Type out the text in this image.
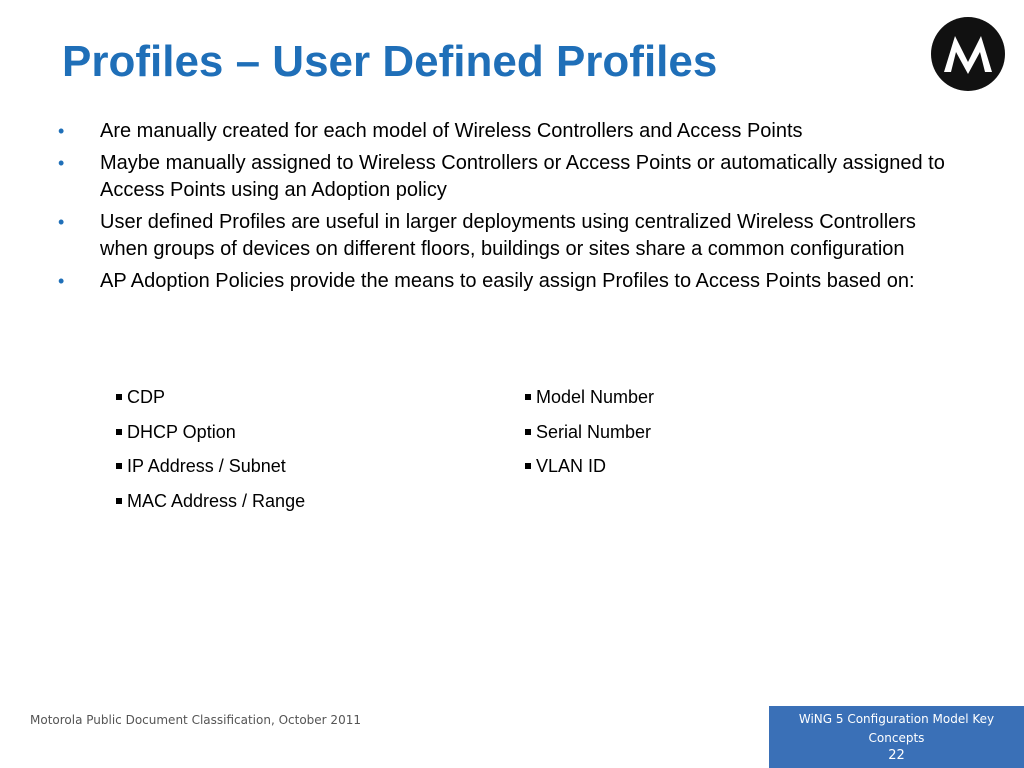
Profiles – User Defined Profiles
• Are manually created for each model of Wireless Controllers and Access Points
• Maybe manually assigned to Wireless Controllers or Access Points or automatically assigned to Access Points using an Adoption policy
• User defined Profiles are useful in larger deployments using centralized Wireless Controllers when groups of devices on different floors, buildings or sites share a common configuration
• AP Adoption Policies provide the means to easily assign Profiles to Access Points based on:
CDP
DHCP Option
IP Address / Subnet
MAC Address / Range
Model Number
Serial Number
VLAN ID
Motorola Public Document Classification, October 2011	WiNG 5 Configuration Model Key Concepts
22
